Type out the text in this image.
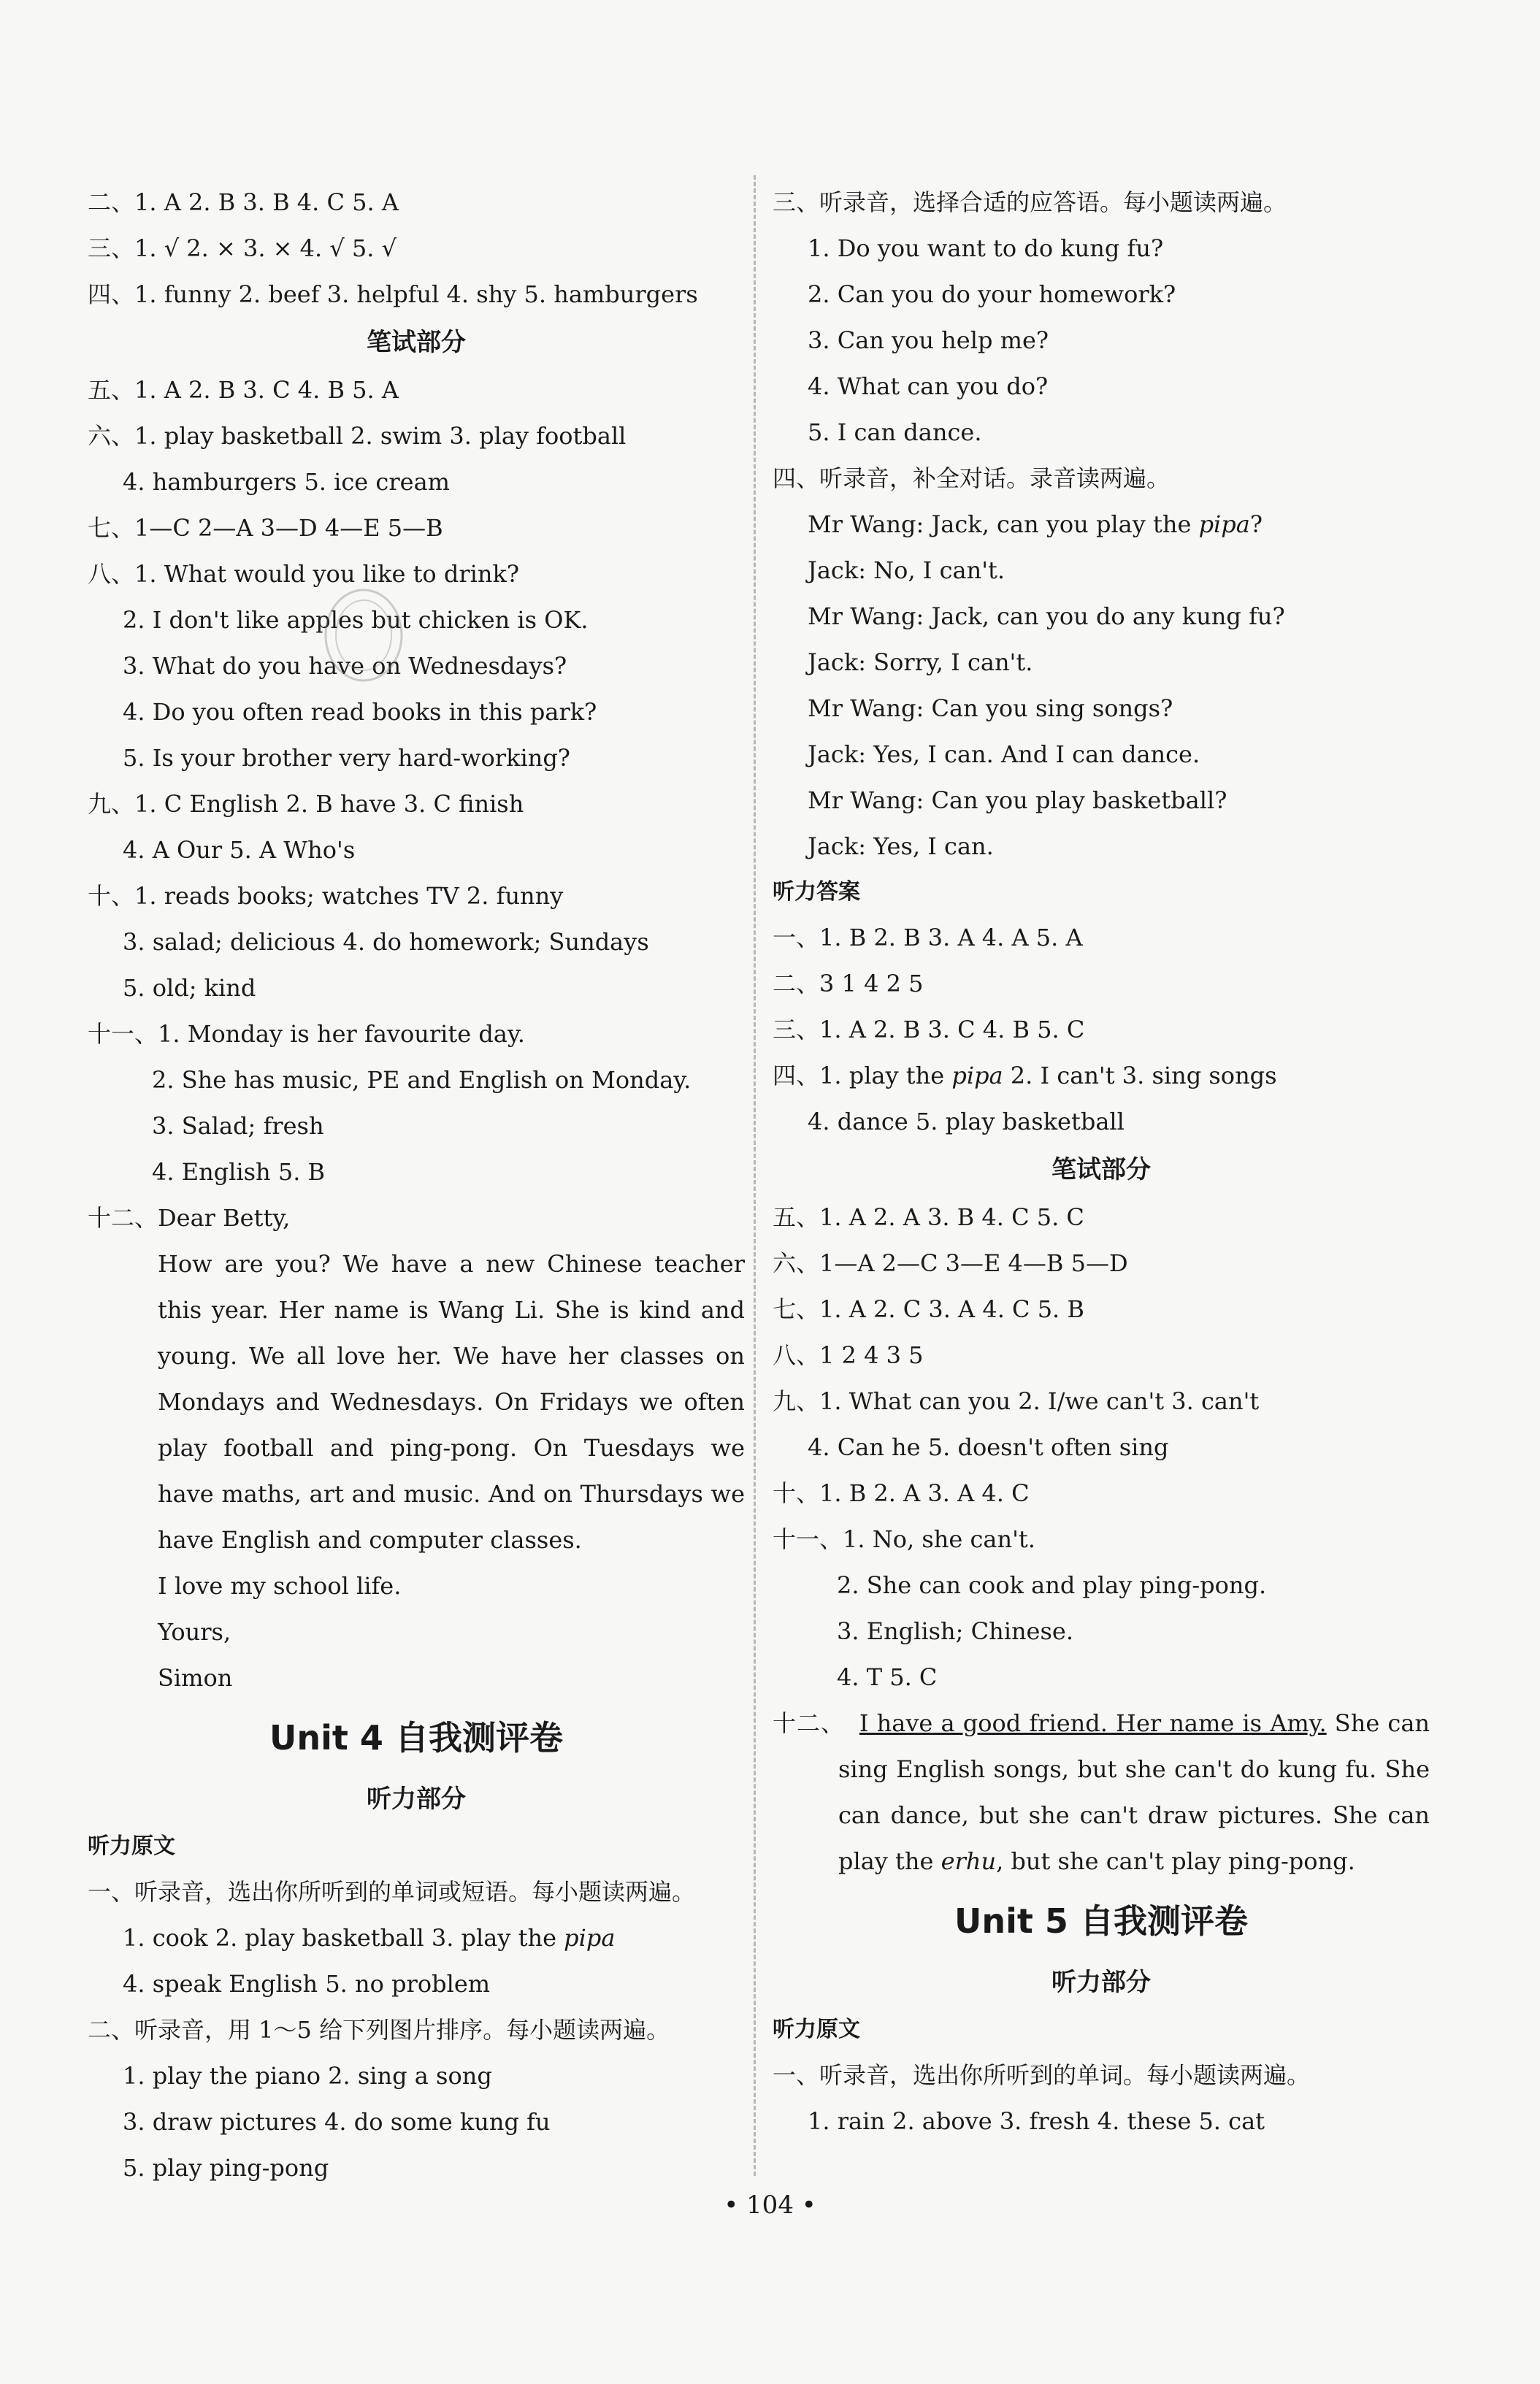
二、1. A 2. B 3. B 4. C 5. A
三、1. √ 2. × 3. × 4. √ 5. √
四、1. funny 2. beef 3. helpful 4. shy 5. hamburgers
笔试部分
五、1. A 2. B 3. C 4. B 5. A
六、1. play basketball 2. swim 3. play football
4. hamburgers 5. ice cream
七、1—C 2—A 3—D 4—E 5—B
八、1. What would you like to drink?
2. I don't like apples but chicken is OK.
3. What do you have on Wednesdays?
4. Do you often read books in this park?
5. Is your brother very hard-working?
九、1. C English 2. B have 3. C finish
4. A Our 5. A Who's
十、1. reads books; watches TV 2. funny
3. salad; delicious 4. do homework; Sundays
5. old; kind
十一、1. Monday is her favourite day.
2. She has music, PE and English on Monday.
3. Salad; fresh
4. English 5. B
十二、Dear Betty,
How are you? We have a new Chinese teacher this year. Her name is Wang Li. She is kind and young. We all love her. We have her classes on Mondays and Wednesdays. On Fridays we often play football and ping-pong. On Tuesdays we have maths, art and music. And on Thursdays we have English and computer classes.
I love my school life.
Yours,
Simon
Unit 4 自我测评卷
听力部分
听力原文
一、听录音，选出你所听到的单词或短语。每小题读两遍。
1. cook 2. play basketball 3. play the pipa
4. speak English 5. no problem
二、听录音，用 1～5 给下列图片排序。每小题读两遍。
1. play the piano 2. sing a song
3. draw pictures 4. do some kung fu
5. play ping-pong
三、听录音，选择合适的应答语。每小题读两遍。
1. Do you want to do kung fu?
2. Can you do your homework?
3. Can you help me?
4. What can you do?
5. I can dance.
四、听录音，补全对话。录音读两遍。
Mr Wang: Jack, can you play the pipa?
Jack: No, I can't.
Mr Wang: Jack, can you do any kung fu?
Jack: Sorry, I can't.
Mr Wang: Can you sing songs?
Jack: Yes, I can. And I can dance.
Mr Wang: Can you play basketball?
Jack: Yes, I can.
听力答案
一、1. B 2. B 3. A 4. A 5. A
二、3 1 4 2 5
三、1. A 2. B 3. C 4. B 5. C
四、1. play the pipa 2. I can't 3. sing songs
4. dance 5. play basketball
笔试部分
五、1. A 2. A 3. B 4. C 5. C
六、1—A 2—C 3—E 4—B 5—D
七、1. A 2. C 3. A 4. C 5. B
八、1 2 4 3 5
九、1. What can you 2. I/we can't 3. can't
4. Can he 5. doesn't often sing
十、1. B 2. A 3. A 4. C
十一、1. No, she can't.
2. She can cook and play ping-pong.
3. English; Chinese.
4. T 5. C
十二、 I have a good friend. Her name is Amy. She can sing English songs, but she can't do kung fu. She can dance, but she can't draw pictures. She can play the erhu, but she can't play ping-pong.
Unit 5 自我测评卷
听力部分
听力原文
一、听录音，选出你所听到的单词。每小题读两遍。
1. rain 2. above 3. fresh 4. these 5. cat
• 104 •
